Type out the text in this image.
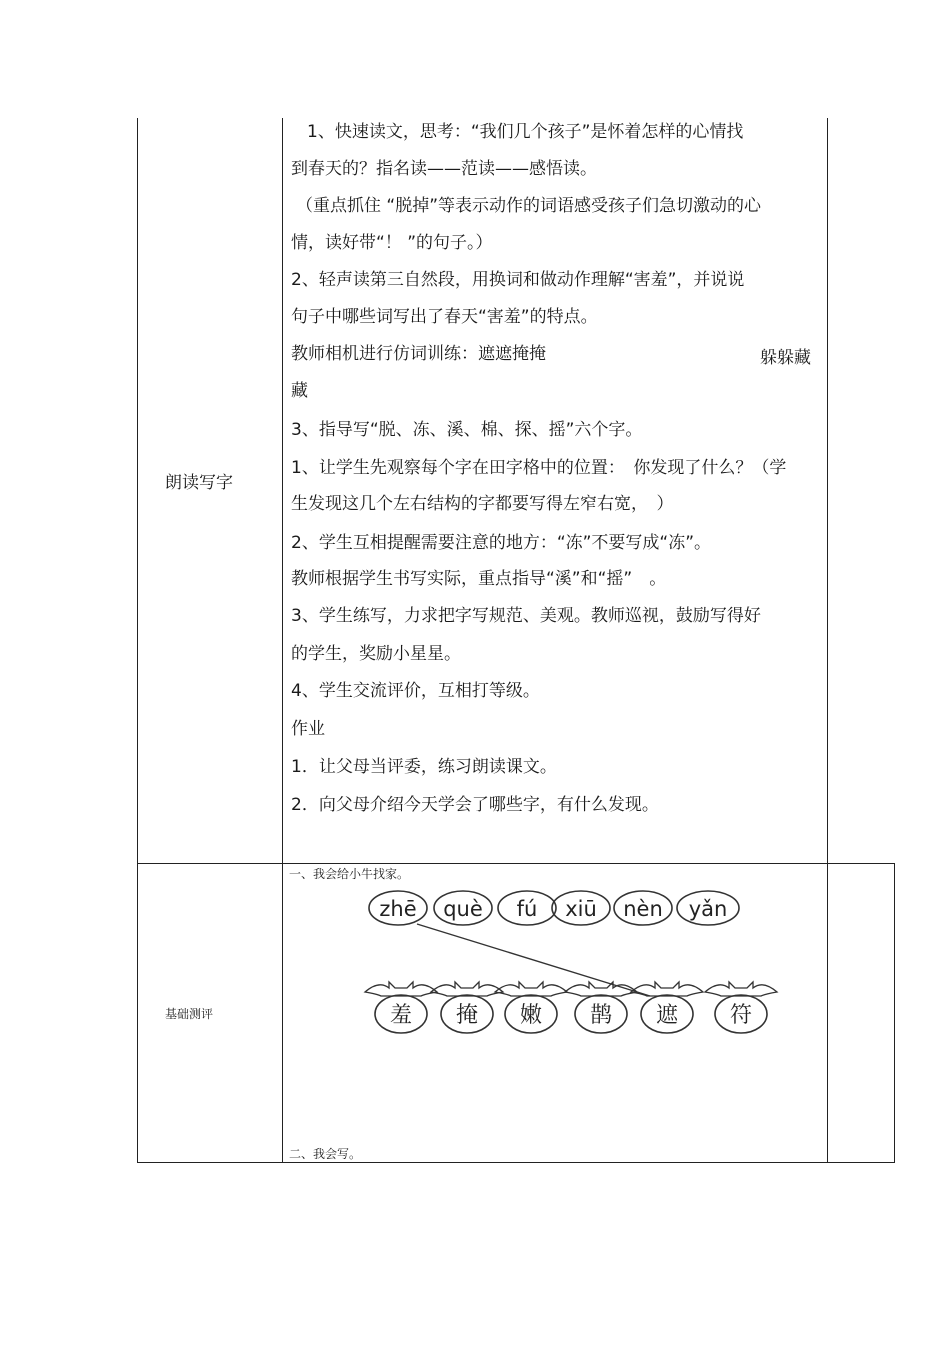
朗读写字
1、快速读文，思考：“我们几个孩子”是怀着怎样的心情找
到春天的？指名读——范读——感悟读。
（重点抓住 “脱掉”等表示动作的词语感受孩子们急切激动的心
情，读好带“！ ”的句子。）
2、轻声读第三自然段，用换词和做动作理解“害羞”，并说说
句子中哪些词写出了春天“害羞”的特点。
教师相机进行仿词训练：遮遮掩掩	躲躲藏
藏
3、指导写“脱、冻、溪、棉、探、摇”六个字。
1、让学生先观察每个字在田字格中的位置：　你发现了什么？（学
生发现这几个左右结构的字都要写得左窄右宽，　）
2、学生互相提醒需要注意的地方：“冻”不要写成“冻”。
教师根据学生书写实际，重点指导“溪”和“摇”　。
3、学生练写，力求把字写规范、美观。教师巡视，鼓励写得好
的学生，奖励小星星。
4、学生交流评价，互相打等级。
作业
1．让父母当评委，练习朗读课文。
2．向父母介绍今天学会了哪些字，有什么发现。
基础测评
一、我会给小牛找家。
二、我会写。
zhē què fú xiū nèn yǎn
羞 掩 嫩 鹊 遮 符
